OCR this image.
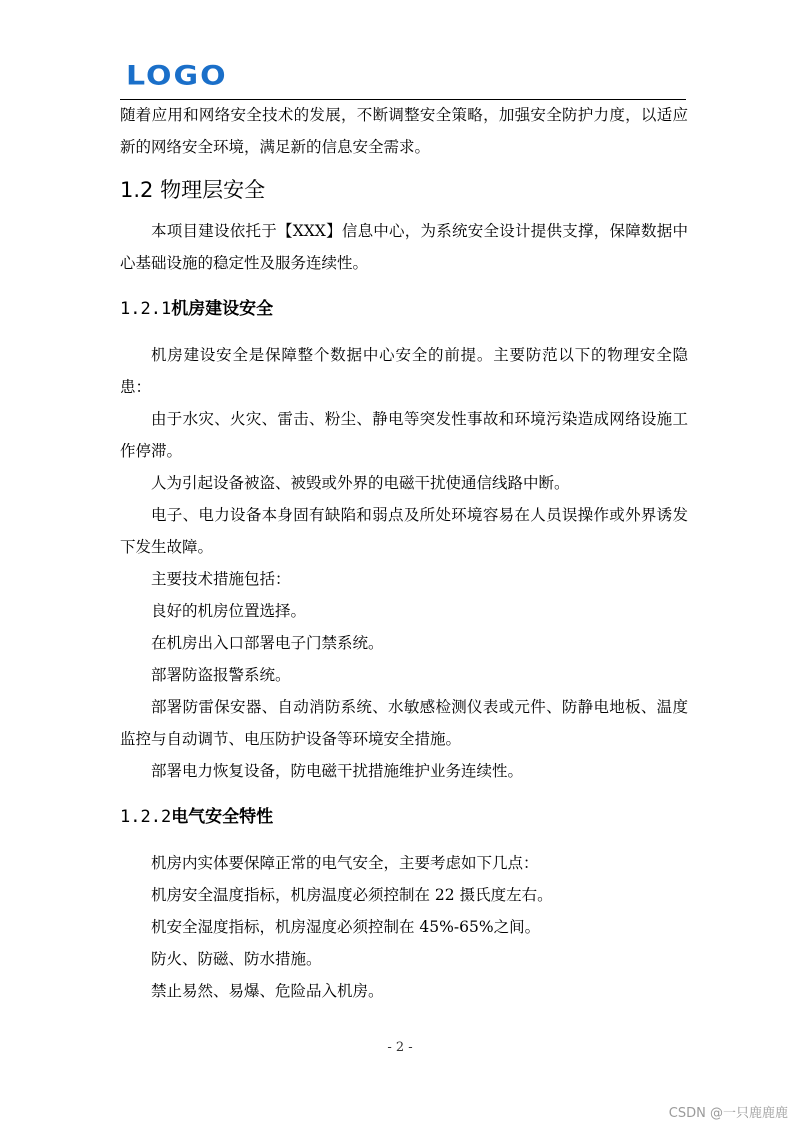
LOGO

随着应用和网络安全技术的发展，不断调整安全策略，加强安全防护力度，以适应新的网络安全环境，满足新的信息安全需求。

1.2 物理层安全

本项目建设依托于【XXX】信息中心，为系统安全设计提供支撑，保障数据中心基础设施的稳定性及服务连续性。

1.2.1机房建设安全

机房建设安全是保障整个数据中心安全的前提。主要防范以下的物理安全隐患：

由于水灾、火灾、雷击、粉尘、静电等突发性事故和环境污染造成网络设施工作停滞。

人为引起设备被盗、被毁或外界的电磁干扰使通信线路中断。

电子、电力设备本身固有缺陷和弱点及所处环境容易在人员误操作或外界诱发下发生故障。

主要技术措施包括：

良好的机房位置选择。

在机房出入口部署电子门禁系统。

部署防盗报警系统。

部署防雷保安器、自动消防系统、水敏感检测仪表或元件、防静电地板、温度监控与自动调节、电压防护设备等环境安全措施。

部署电力恢复设备，防电磁干扰措施维护业务连续性。

1.2.2电气安全特性

机房内实体要保障正常的电气安全，主要考虑如下几点：

机房安全温度指标，机房温度必须控制在 22 摄氏度左右。

机安全湿度指标，机房湿度必须控制在 45%-65%之间。

防火、防磁、防水措施。

禁止易然、易爆、危险品入机房。

- 2 -
CSDN @一只鹿鹿鹿
